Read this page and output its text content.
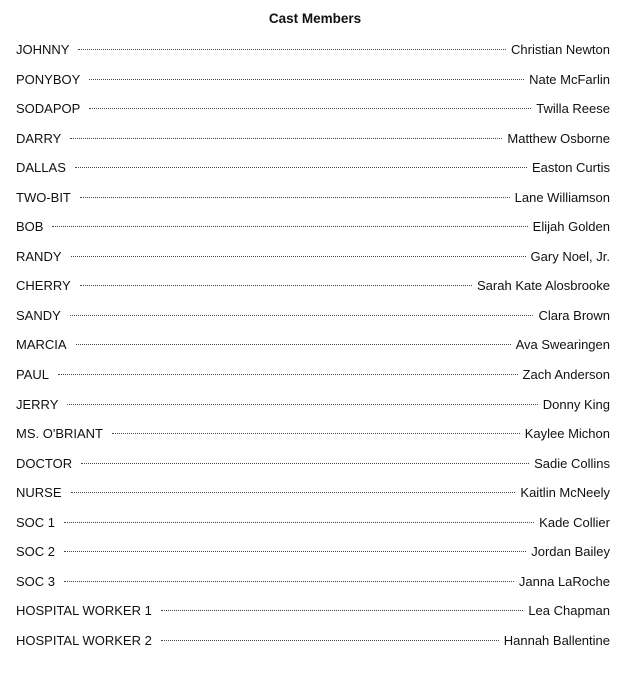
Cast Members
JOHNNY	Christian Newton
PONYBOY	Nate McFarlin
SODAPOP	Twilla Reese
DARRY	Matthew Osborne
DALLAS	Easton Curtis
TWO-BIT	Lane Williamson
BOB	Elijah Golden
RANDY	Gary Noel, Jr.
CHERRY	Sarah Kate Alosbrooke
SANDY	Clara Brown
MARCIA	Ava Swearingen
PAUL	Zach Anderson
JERRY	Donny King
MS. O'BRIANT	Kaylee Michon
DOCTOR	Sadie Collins
NURSE	Kaitlin McNeely
SOC 1	Kade Collier
SOC 2	Jordan Bailey
SOC 3	Janna LaRoche
HOSPITAL WORKER 1	Lea Chapman
HOSPITAL WORKER 2	Hannah Ballentine
